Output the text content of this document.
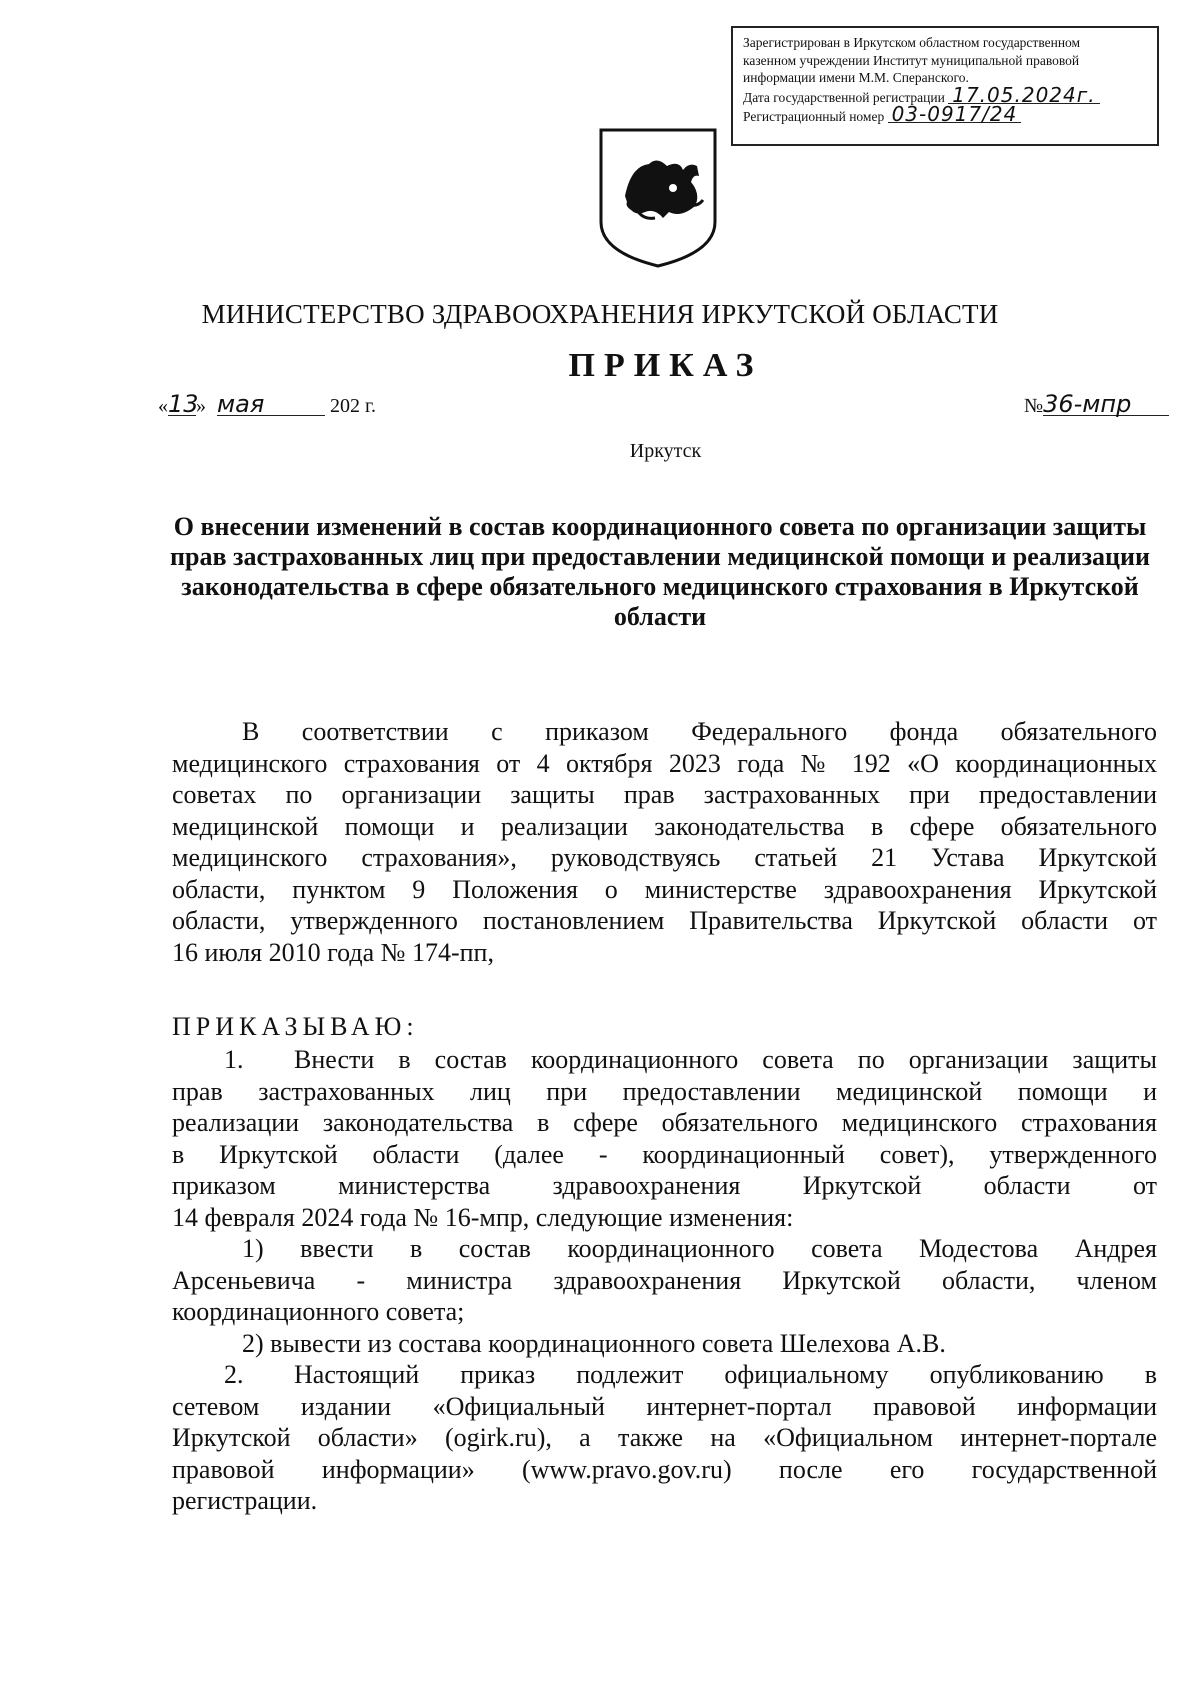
Зарегистрирован в Иркутском областном государственном
казенном учреждении Институт муниципальной правовой
информации имени М.М. Сперанского.
Дата государственной регистрации 17.05.2024г.
Регистрационный номер 03-0917/24
МИНИСТЕРСТВО ЗДРАВООХРАНЕНИЯ ИРКУТСКОЙ ОБЛАСТИ
ПРИКАЗ
«13» мая	202 г.	№36-мпр
Иркутск
О внесении изменений в состав координационного совета по организации защиты прав застрахованных лиц при предоставлении медицинской помощи и реализации законодательства в сфере обязательного медицинского страхования в Иркутской области
В соответствии с приказом Федерального фонда обязательного
медицинского страхования от 4 октября 2023 года № 192 «О координационных
советах по организации защиты прав застрахованных при предоставлении
медицинской помощи и реализации законодательства в сфере обязательного
медицинского страхования», руководствуясь статьей 21 Устава Иркутской
области, пунктом 9 Положения о министерстве здравоохранения Иркутской
области, утвержденного постановлением Правительства Иркутской области от
16 июля 2010 года № 174-пп,
ПРИКАЗЫВАЮ:
1. Внести в состав координационного совета по организации защиты
прав застрахованных лиц при предоставлении медицинской помощи и
реализации законодательства в сфере обязательного медицинского страхования
в Иркутской области (далее - координационный совет), утвержденного
приказом министерства здравоохранения Иркутской области от
14 февраля 2024 года № 16-мпр, следующие изменения:
1) ввести в состав координационного совета Модестова Андрея
Арсеньевича - министра здравоохранения Иркутской области, членом
координационного совета;
2) вывести из состава координационного совета Шелехова А.В.
2. Настоящий приказ подлежит официальному опубликованию в
сетевом издании «Официальный интернет-портал правовой информации
Иркутской области» (ogirk.ru), а также на «Официальном интернет-портале
правовой информации» (www.pravo.gov.ru) после его государственной
регистрации.
